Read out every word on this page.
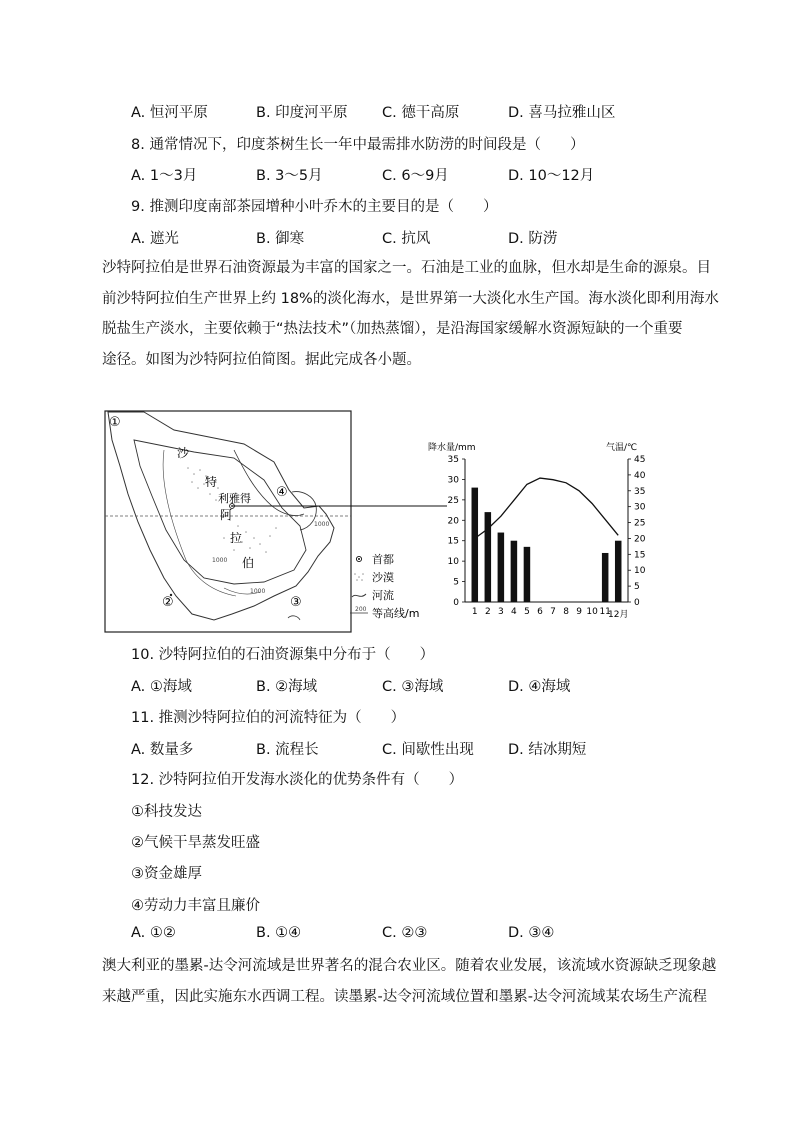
A. 恒河平原	B. 印度河平原 C. 德干高原	D. 喜马拉雅山区
8. 通常情况下，印度茶树生长一年中最需排水防涝的时间段是（　　）
A. 1～3月	B. 3～5月	C. 6～9月	D. 10～12月
9. 推测印度南部茶园增种小叶乔木的主要目的是（　　）
A. 遮光	B. 御寒	C. 抗风	D. 防涝
沙特阿拉伯是世界石油资源最为丰富的国家之一。石油是工业的血脉，但水却是生命的源泉。目
前沙特阿拉伯生产世界上约 18%的淡化海水，是世界第一大淡化水生产国。海水淡化即利用海水
脱盐生产淡水，主要依赖于“热法技术”（加热蒸馏），是沿海国家缓解水资源短缺的一个重要
途径。如图为沙特阿拉伯简图。据此完成各小题。
①
②	③
④
沙
特
阿
拉
伯
利雅得
1000
1000
1000
首都
沙漠
河流
200 等高线/m
降水量/mm	气温/℃
0
5
10
15
20
25
30
35
0
5
10
15
20
25
30
35
40
45
1 2 3 4 5 6 7 8 9 10 11
12月
10. 沙特阿拉伯的石油资源集中分布于（　　）
A. ①海域	B. ②海域	C. ③海域	D. ④海域
11. 推测沙特阿拉伯的河流特征为（　　）
A. 数量多	B. 流程长	C. 间歇性出现 D. 结冰期短
12. 沙特阿拉伯开发海水淡化的优势条件有（　　）
①科技发达
②气候干旱蒸发旺盛
③资金雄厚
④劳动力丰富且廉价
A. ①②	B. ①④	C. ②③	D. ③④
澳大利亚的墨累-达令河流域是世界著名的混合农业区。随着农业发展，该流域水资源缺乏现象越
来越严重，因此实施东水西调工程。读墨累-达令河流域位置和墨累-达令河流域某农场生产流程
